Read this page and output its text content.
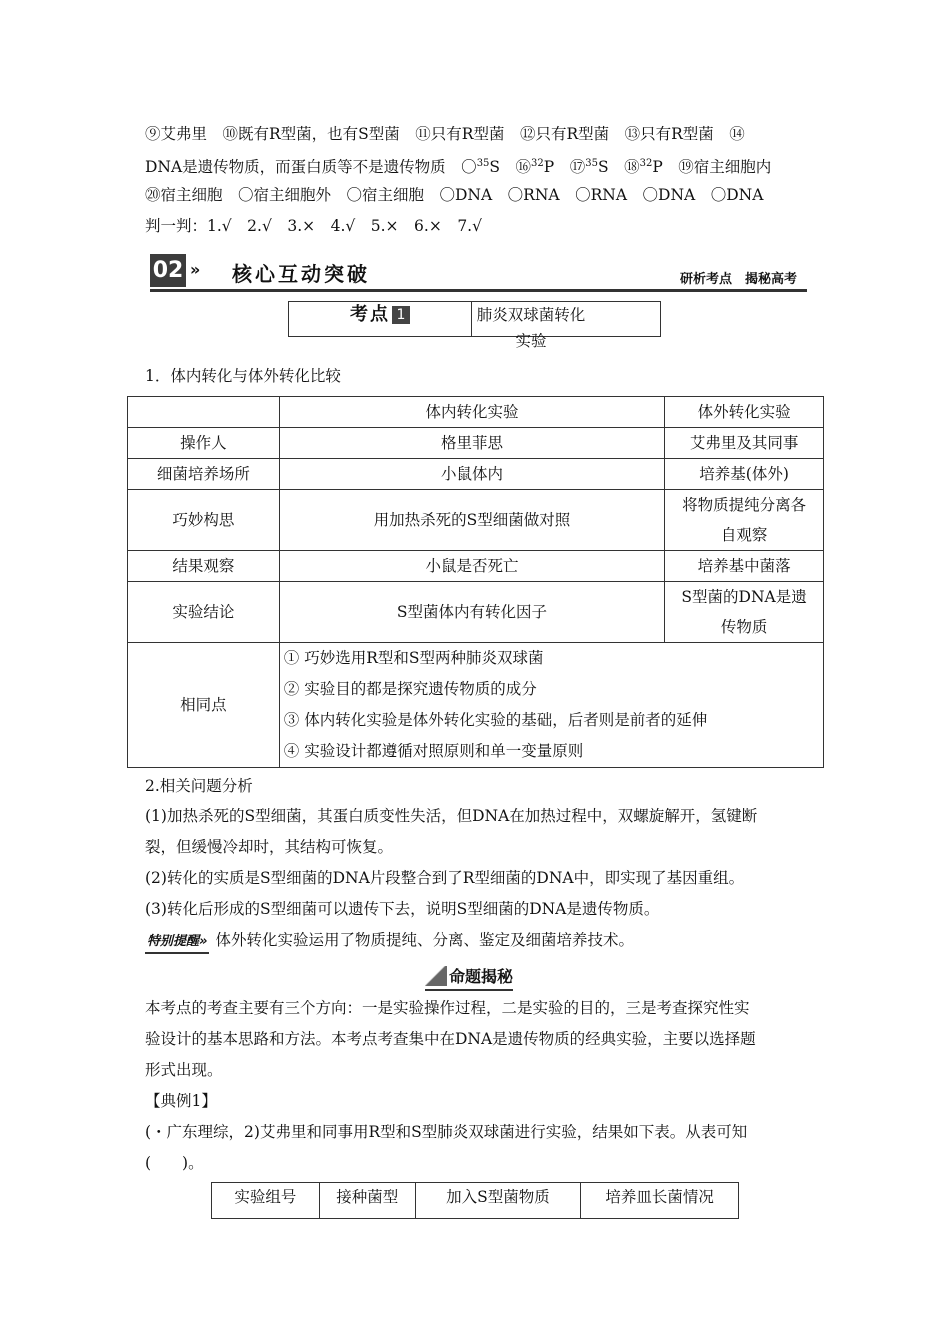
⑨艾弗里　⑩既有R型菌，也有S型菌　⑪只有R型菌　⑫只有R型菌　⑬只有R型菌　⑭
DNA是遗传物质，而蛋白质等不是遗传物质　〇$^{35}$S　⑯$^{32}$P　⑰$^{35}$S　⑱$^{32}$P　⑲宿主细胞内
⑳宿主细胞　〇宿主细胞外　〇宿主细胞　〇DNA　〇RNA　〇RNA　〇DNA　〇DNA
判一判：1.√　2.√　3.×　4.√　5.×　6.×　7.√
02 » 核心互动突破	研析考点　揭秘高考
考点 1	肺炎双球菌转化实验
1．体内转化与体外转化比较
	体内转化实验	体外转化实验
操作人	格里菲思	艾弗里及其同事
细菌培养场所	小鼠体内	培养基(体外)
巧妙构思	用加热杀死的S型细菌做对照	将物质提纯分离各
自观察

结果观察	小鼠是否死亡	培养基中菌落
实验结论	S型菌体内有转化因子	S型菌的DNA是遗
传物质

相同点	① 巧妙选用R型和S型两种肺炎双球菌
② 实验目的都是探究遗传物质的成分
③ 体内转化实验是体外转化实验的基础，后者则是前者的延伸
④ 实验设计都遵循对照原则和单一变量原则	
2.相关问题分析
(1)加热杀死的S型细菌，其蛋白质变性失活，但DNA在加热过程中，双螺旋解开，氢键断
裂，但缓慢冷却时，其结构可恢复。
(2)转化的实质是S型细菌的DNA片段整合到了R型细菌的DNA中，即实现了基因重组。
(3)转化后形成的S型细菌可以遗传下去，说明S型细菌的DNA是遗传物质。
特别提醒» 体外转化实验运用了物质提纯、分离、鉴定及细菌培养技术。
命题揭秘
本考点的考查主要有三个方向：一是实验操作过程，二是实验的目的，三是考查探究性实
验设计的基本思路和方法。本考点考查集中在DNA是遗传物质的经典实验，主要以选择题
形式出现。
【典例1】
(・广东理综，2)艾弗里和同事用R型和S型肺炎双球菌进行实验，结果如下表。从表可知
(　　)。
实验组号	接种菌型	加入S型菌物质	培养皿长菌情况
